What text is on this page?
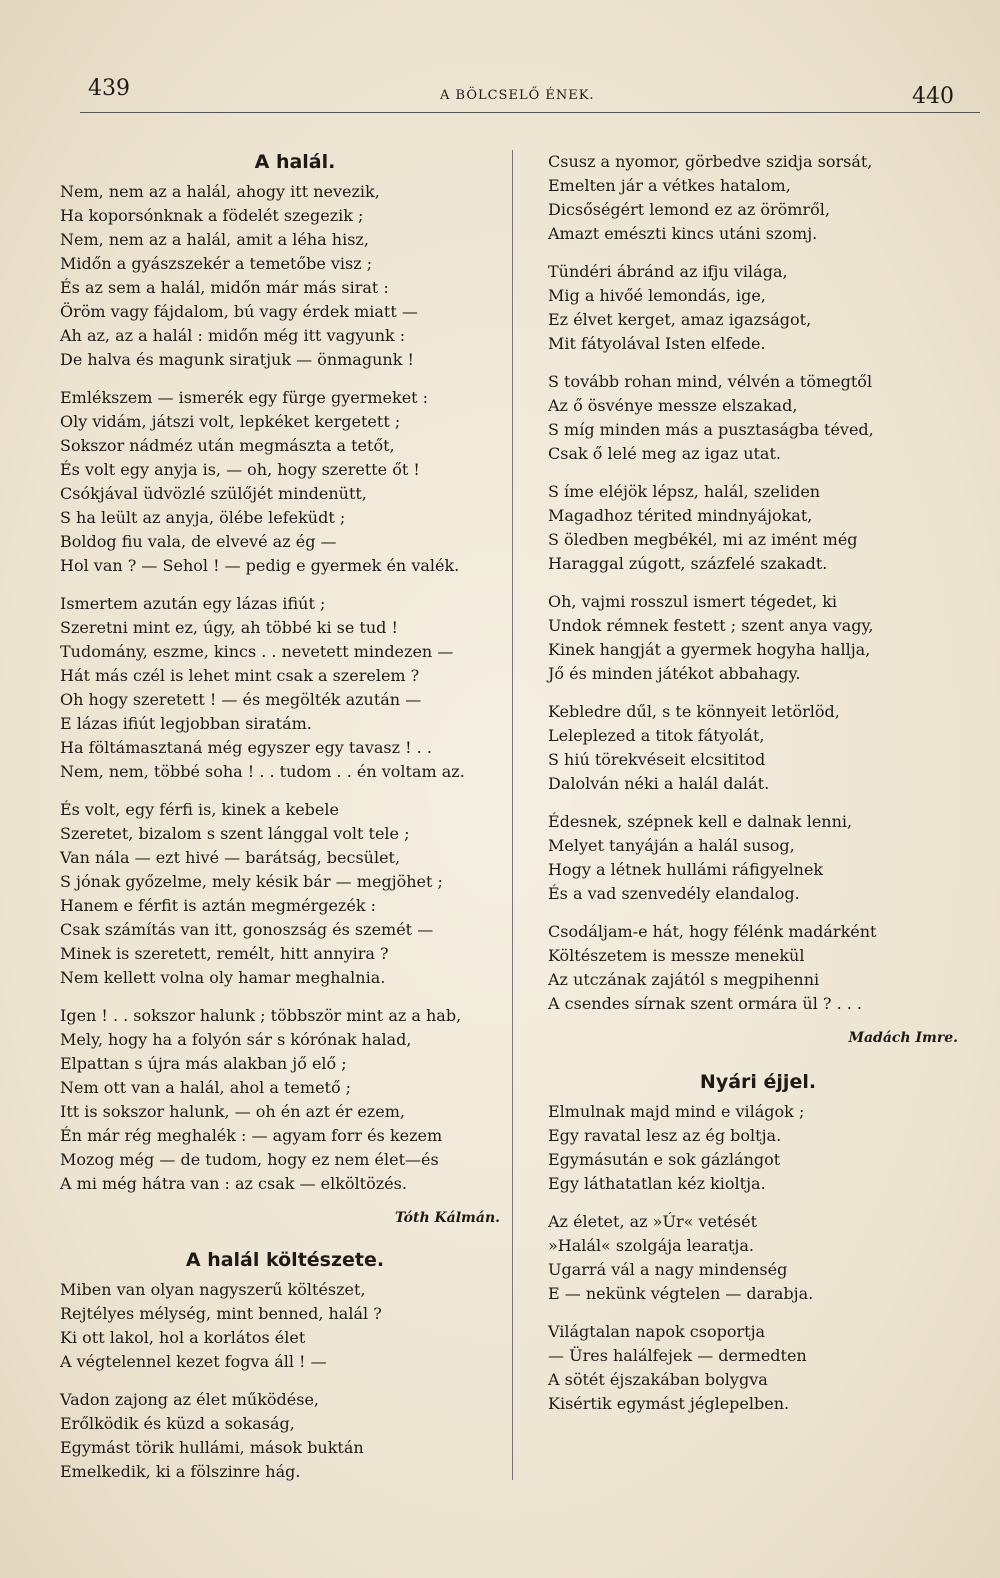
439	A BÖLCSELŐ ÉNEK.	440
A halál.
Nem, nem az a halál, ahogy itt nevezik,
Ha koporsónknak a födelét szegezik ;
Nem, nem az a halál, amit a léha hisz,
Midőn a gyászszekér a temetőbe visz ;
És az sem a halál, midőn már más sirat :
Öröm vagy fájdalom, bú vagy érdek miatt —
Ah az, az a halál : midőn még itt vagyunk :
De halva és magunk siratjuk — önmagunk !
Emlékszem — ismerék egy fürge gyermeket :
Oly vidám, játszi volt, lepkéket kergetett ;
Sokszor nádméz után megmászta a tetőt,
És volt egy anyja is, — oh, hogy szerette őt !
Csókjával üdvözlé szülőjét mindenütt,
S ha leült az anyja, ölébe lefeküdt ;
Boldog fiu vala, de elvevé az ég —
Hol van ? — Sehol ! — pedig e gyermek én valék.
Ismertem azután egy lázas ifiút ;
Szeretni mint ez, úgy, ah többé ki se tud !
Tudomány, eszme, kincs . . nevetett mindezen —
Hát más czél is lehet mint csak a szerelem ?
Oh hogy szeretett ! — és megölték azután —
E lázas ifiút legjobban siratám.
Ha föltámasztaná még egyszer egy tavasz ! . .
Nem, nem, többé soha ! . . tudom . . én voltam az.
És volt, egy férfi is, kinek a kebele
Szeretet, bizalom s szent lánggal volt tele ;
Van nála — ezt hivé — barátság, becsület,
S jónak győzelme, mely késik bár — megjöhet ;
Hanem e férfit is aztán megmérgezék :
Csak számítás van itt, gonoszság és szemét —
Minek is szeretett, remélt, hitt annyira ?
Nem kellett volna oly hamar meghalnia.
Igen ! . . sokszor halunk ; többször mint az a hab,
Mely, hogy ha a folyón sár s kórónak halad,
Elpattan s újra más alakban jő elő ;
Nem ott van a halál, ahol a temető ;
Itt is sokszor halunk, — oh én azt ér ezem,
Én már rég meghalék : — agyam forr és kezem
Mozog még — de tudom, hogy ez nem élet—és
A mi még hátra van : az csak — elköltözés.
Tóth Kálmán.
A halál költészete.
Miben van olyan nagyszerű költészet,
Rejtélyes mélység, mint benned, halál ?
Ki ott lakol, hol a korlátos élet
A végtelennel kezet fogva áll ! —
Vadon zajong az élet működése,
Erőlködik és küzd a sokaság,
Egymást törik hullámi, mások buktán
Emelkedik, ki a fölszinre hág.
Csusz a nyomor, görbedve szidja sorsát,
Emelten jár a vétkes hatalom,
Dicsőségért lemond ez az örömről,
Amazt emészti kincs utáni szomj.
Tündéri ábránd az ifju világa,
Mig a hivőé lemondás, ige,
Ez élvet kerget, amaz igazságot,
Mit fátyolával Isten elfede.
S tovább rohan mind, vélvén a tömegtől
Az ő ösvénye messze elszakad,
S míg minden más a pusztaságba téved,
Csak ő lelé meg az igaz utat.
S íme eléjök lépsz, halál, szeliden
Magadhoz térited mindnyájokat,
S öledben megbékél, mi az imént még
Haraggal zúgott, százfelé szakadt.
Oh, vajmi rosszul ismert tégedet, ki
Undok rémnek festett ; szent anya vagy,
Kinek hangját a gyermek hogyha hallja,
Jő és minden játékot abbahagy.
Kebledre dűl, s te könnyeit letörlöd,
Leleplezed a titok fátyolát,
S hiú törekvéseit elcsititod
Dalolván néki a halál dalát.
Édesnek, szépnek kell e dalnak lenni,
Melyet tanyáján a halál susog,
Hogy a létnek hullámi ráfigyelnek
És a vad szenvedély elandalog.
Csodáljam-e hát, hogy félénk madárként
Költészetem is messze menekül
Az utczának zajától s megpihenni
A csendes sírnak szent ormára ül ? . . .
Madách Imre.
Nyári éjjel.
Elmulnak majd mind e világok ;
Egy ravatal lesz az ég boltja.
Egymásután e sok gázlángot
Egy láthatatlan kéz kioltja.
Az életet, az »Úr« vetését
»Halál« szolgája learatja.
Ugarrá vál a nagy mindenség
E — nekünk végtelen — darabja.
Világtalan napok csoportja
— Üres halálfejek — dermedten
A sötét éjszakában bolygva
Kisértik egymást jéglepelben.
